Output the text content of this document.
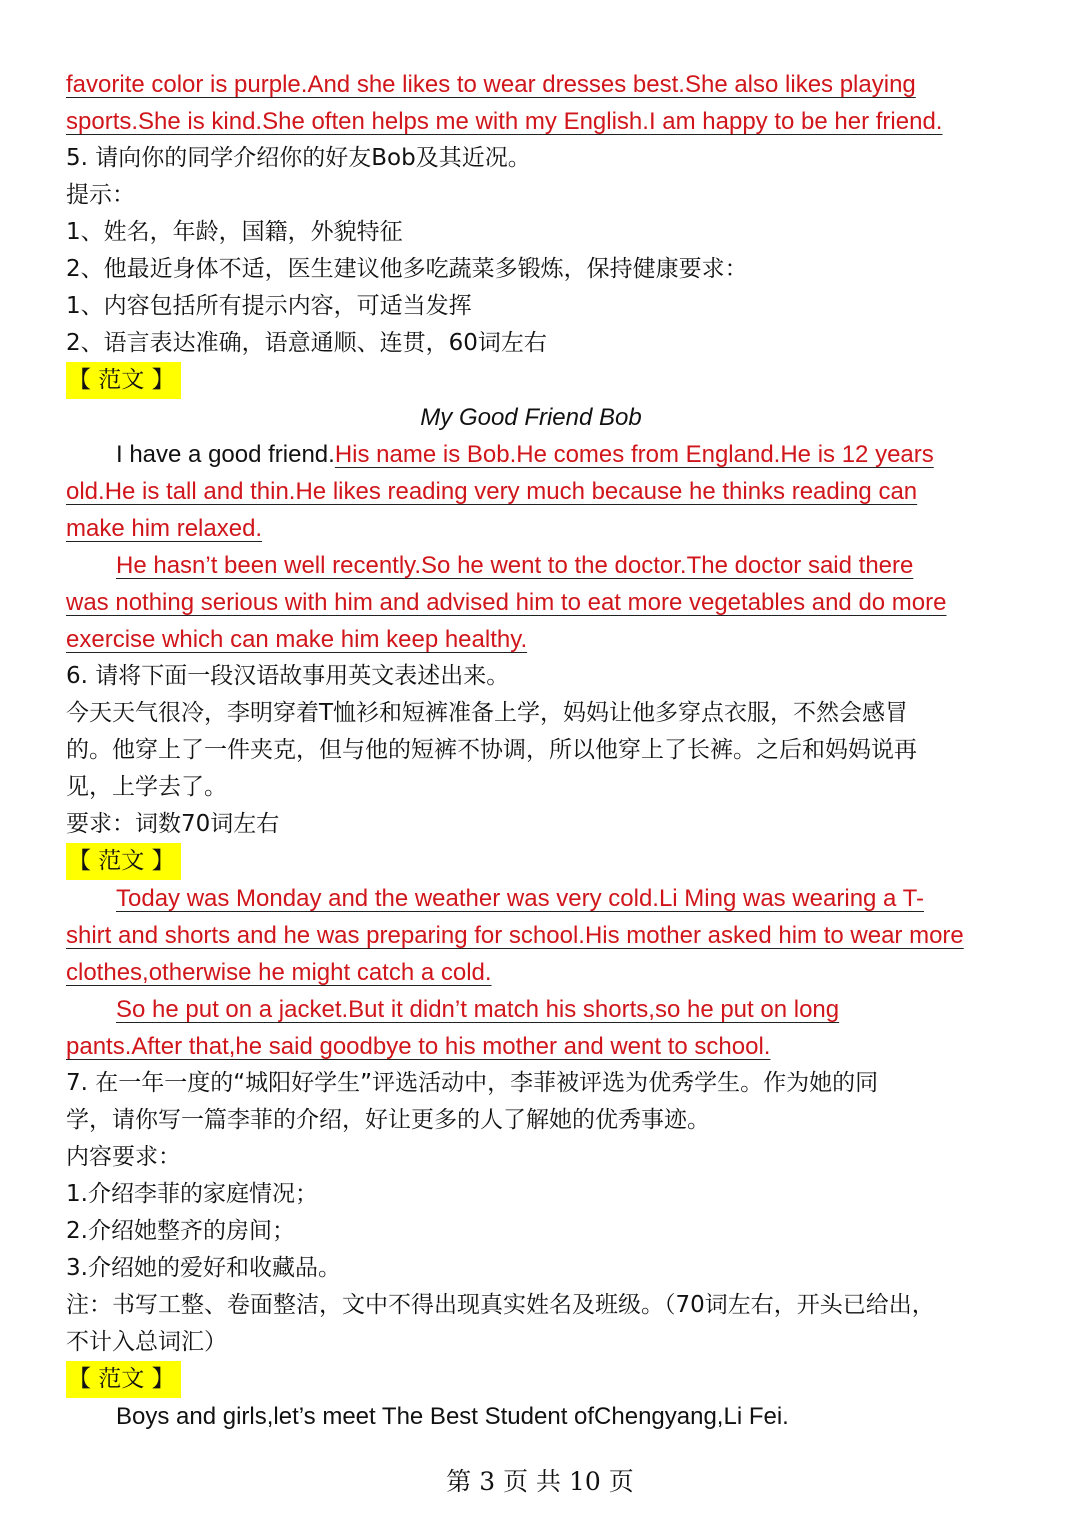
favorite color is purple.And she likes to wear dresses best.She also likes playing
sports.She is kind.She often helps me with my English.I am happy to be her friend.
5. 请向你的同学介绍你的好友Bob及其近况。
提示：
1、姓名，年龄，国籍，外貌特征
2、他最近身体不适，医生建议他多吃蔬菜多锻炼，保持健康要求：
1、内容包括所有提示内容，可适当发挥
2、语言表达准确，语意通顺、连贯，60词左右
【 范文 】
My Good Friend Bob
I have a good friend.His name is Bob.He comes from England.He is 12 years
old.He is tall and thin.He likes reading very much because he thinks reading can
make him relaxed.
He hasn’t been well recently.So he went to the doctor.The doctor said there
was nothing serious with him and advised him to eat more vegetables and do more
exercise which can make him keep healthy.
6. 请将下面一段汉语故事用英文表述出来。
今天天气很冷，李明穿着T恤衫和短裤准备上学，妈妈让他多穿点衣服，不然会感冒
的。他穿上了一件夹克，但与他的短裤不协调，所以他穿上了长裤。之后和妈妈说再
见，上学去了。
要求：词数70词左右
【 范文 】
Today was Monday and the weather was very cold.Li Ming was wearing a T-
shirt and shorts and he was preparing for school.His mother asked him to wear more
clothes,otherwise he might catch a cold.
So he put on a jacket.But it didn’t match his shorts,so he put on long
pants.After that,he said goodbye to his mother and went to school.
7. 在一年一度的“城阳好学生”评选活动中，李菲被评选为优秀学生。作为她的同
学，请你写一篇李菲的介绍，好让更多的人了解她的优秀事迹。
内容要求：
1.介绍李菲的家庭情况；
2.介绍她整齐的房间；
3.介绍她的爱好和收藏品。
注：书写工整、卷面整洁，文中不得出现真实姓名及班级。（70词左右，开头已给出，
不计入总词汇）
【 范文 】
Boys and girls,let’s meet The Best Student ofChengyang,Li Fei.
第 3 页 共 10 页
